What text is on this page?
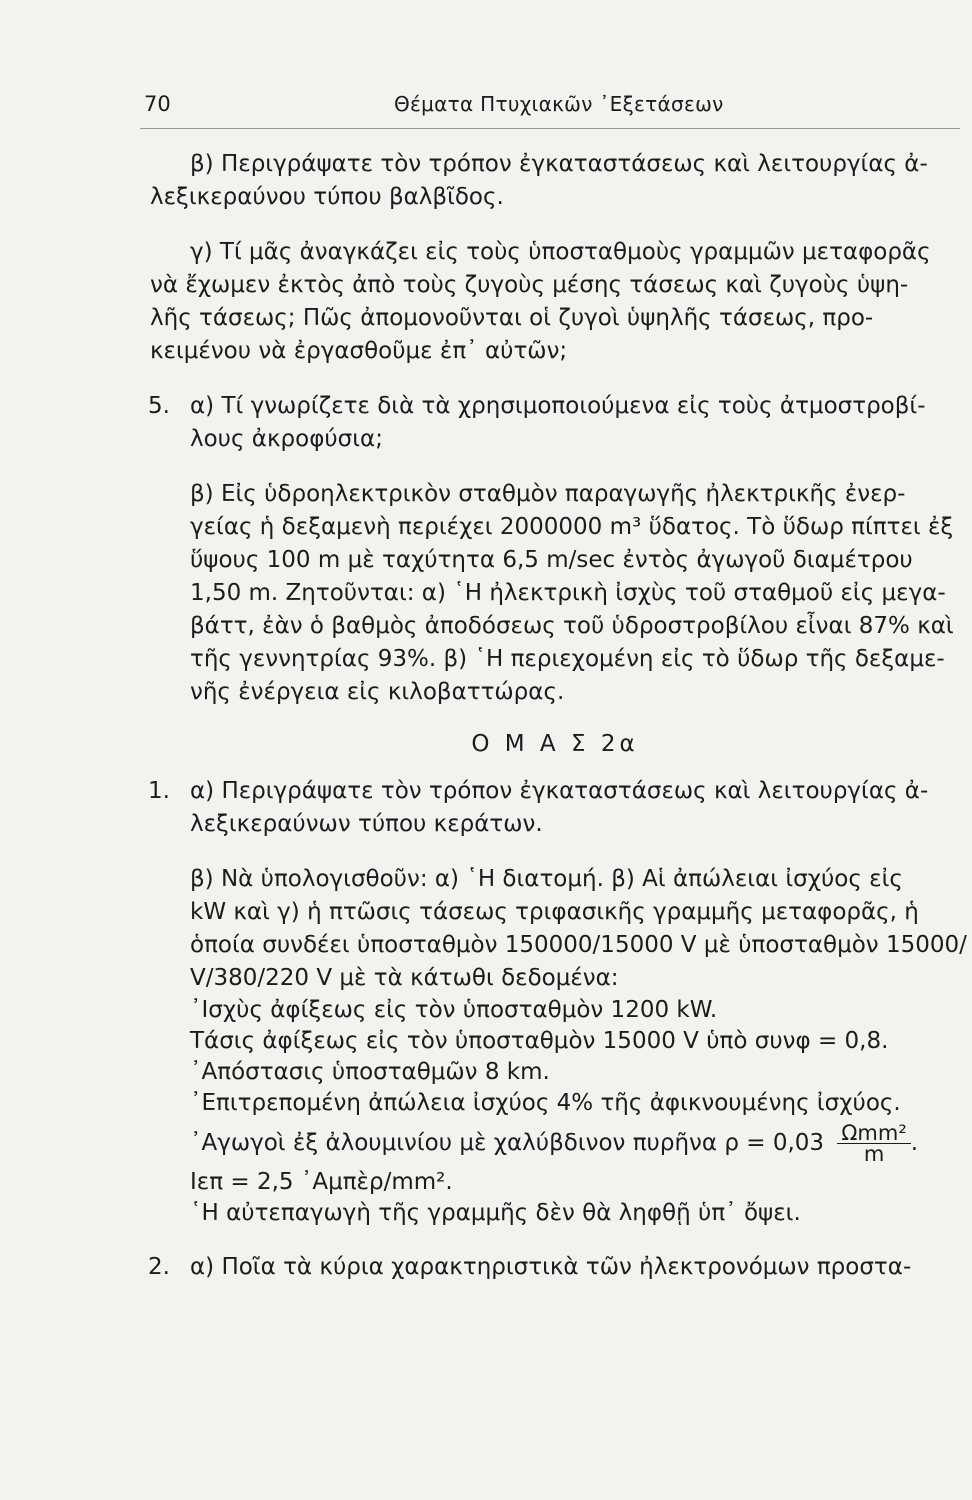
70	Θέματα Πτυχιακῶν ᾿Εξετάσεων
β) Περιγράψατε τὸν τρόπον ἐγκαταστάσεως καὶ λειτουργίας ἀ-
λεξικεραύνου τύπου βαλβῖδος.
γ) Τί μᾶς ἀναγκάζει εἰς τοὺς ὑποσταθμοὺς γραμμῶν μεταφορᾶς
νὰ ἔχωμεν ἐκτὸς ἀπὸ τοὺς ζυγοὺς μέσης τάσεως καὶ ζυγοὺς ὑψη-
λῆς τάσεως; Πῶς ἀπομονοῦνται οἱ ζυγοὶ ὑψηλῆς τάσεως, προ-
κειμένου νὰ ἐργασθοῦμε ἐπ᾿ αὐτῶν;
5. α) Τί γνωρίζετε διὰ τὰ χρησιμοποιούμενα εἰς τοὺς ἀτμοστροβί-
λους ἀκροφύσια;
β) Εἰς ὑδροηλεκτρικὸν σταθμὸν παραγωγῆς ἠλεκτρικῆς ἐνερ-
γείας ἡ δεξαμενὴ περιέχει 2000000 m³ ὕδατος. Τὸ ὕδωρ πίπτει ἐξ
ὕψους 100 m μὲ ταχύτητα 6,5 m/sec ἐντὸς ἀγωγοῦ διαμέτρου
1,50 m. Ζητοῦνται: α) ῾Η ἠλεκτρικὴ ἰσχὺς τοῦ σταθμοῦ εἰς μεγα-
βάττ, ἐὰν ὁ βαθμὸς ἀποδόσεως τοῦ ὑδροστροβίλου εἶναι 87% καὶ
τῆς γεννητρίας 93%. β) ῾Η περιεχομένη εἰς τὸ ὕδωρ τῆς δεξαμε-
νῆς ἐνέργεια εἰς κιλοβαττώρας.
Ο Μ Α Σ 2α
1. α) Περιγράψατε τὸν τρόπον ἐγκαταστάσεως καὶ λειτουργίας ἀ-
λεξικεραύνων τύπου κεράτων.
β) Νὰ ὑπολογισθοῦν: α) ῾Η διατομή. β) Αἱ ἀπώλειαι ἰσχύος εἰς
kW καὶ γ) ἡ πτῶσις τάσεως τριφασικῆς γραμμῆς μεταφορᾶς, ἡ
ὁποία συνδέει ὑποσταθμὸν 150000/15000 V μὲ ὑποσταθμὸν 15000/
V/380/220 V μὲ τὰ κάτωθι δεδομένα:
᾿Ισχὺς ἀφίξεως εἰς τὸν ὑποσταθμὸν 1200 kW.
Τάσις ἀφίξεως εἰς τὸν ὑποσταθμὸν 15000 V ὑπὸ συνφ = 0,8.
᾿Απόστασις ὑποσταθμῶν 8 km.
᾿Επιτρεπομένη ἀπώλεια ἰσχύος 4% τῆς ἀφικνουμένης ἰσχύος.
᾿Αγωγοὶ ἐξ ἀλουμινίου μὲ χαλύβδινον πυρῆνα $\rho = 0,03 \frac{\text{Ωmm²}}{m}$ .
Iεπ = 2,5 ᾿Αμπὲρ/mm².
῾Η αὐτεπαγωγὴ τῆς γραμμῆς δὲν θὰ ληφθῇ ὑπ᾿ ὄψει.
2. α) Ποῖα τὰ κύρια χαρακτηριστικὰ τῶν ἠλεκτρονόμων προστα-
